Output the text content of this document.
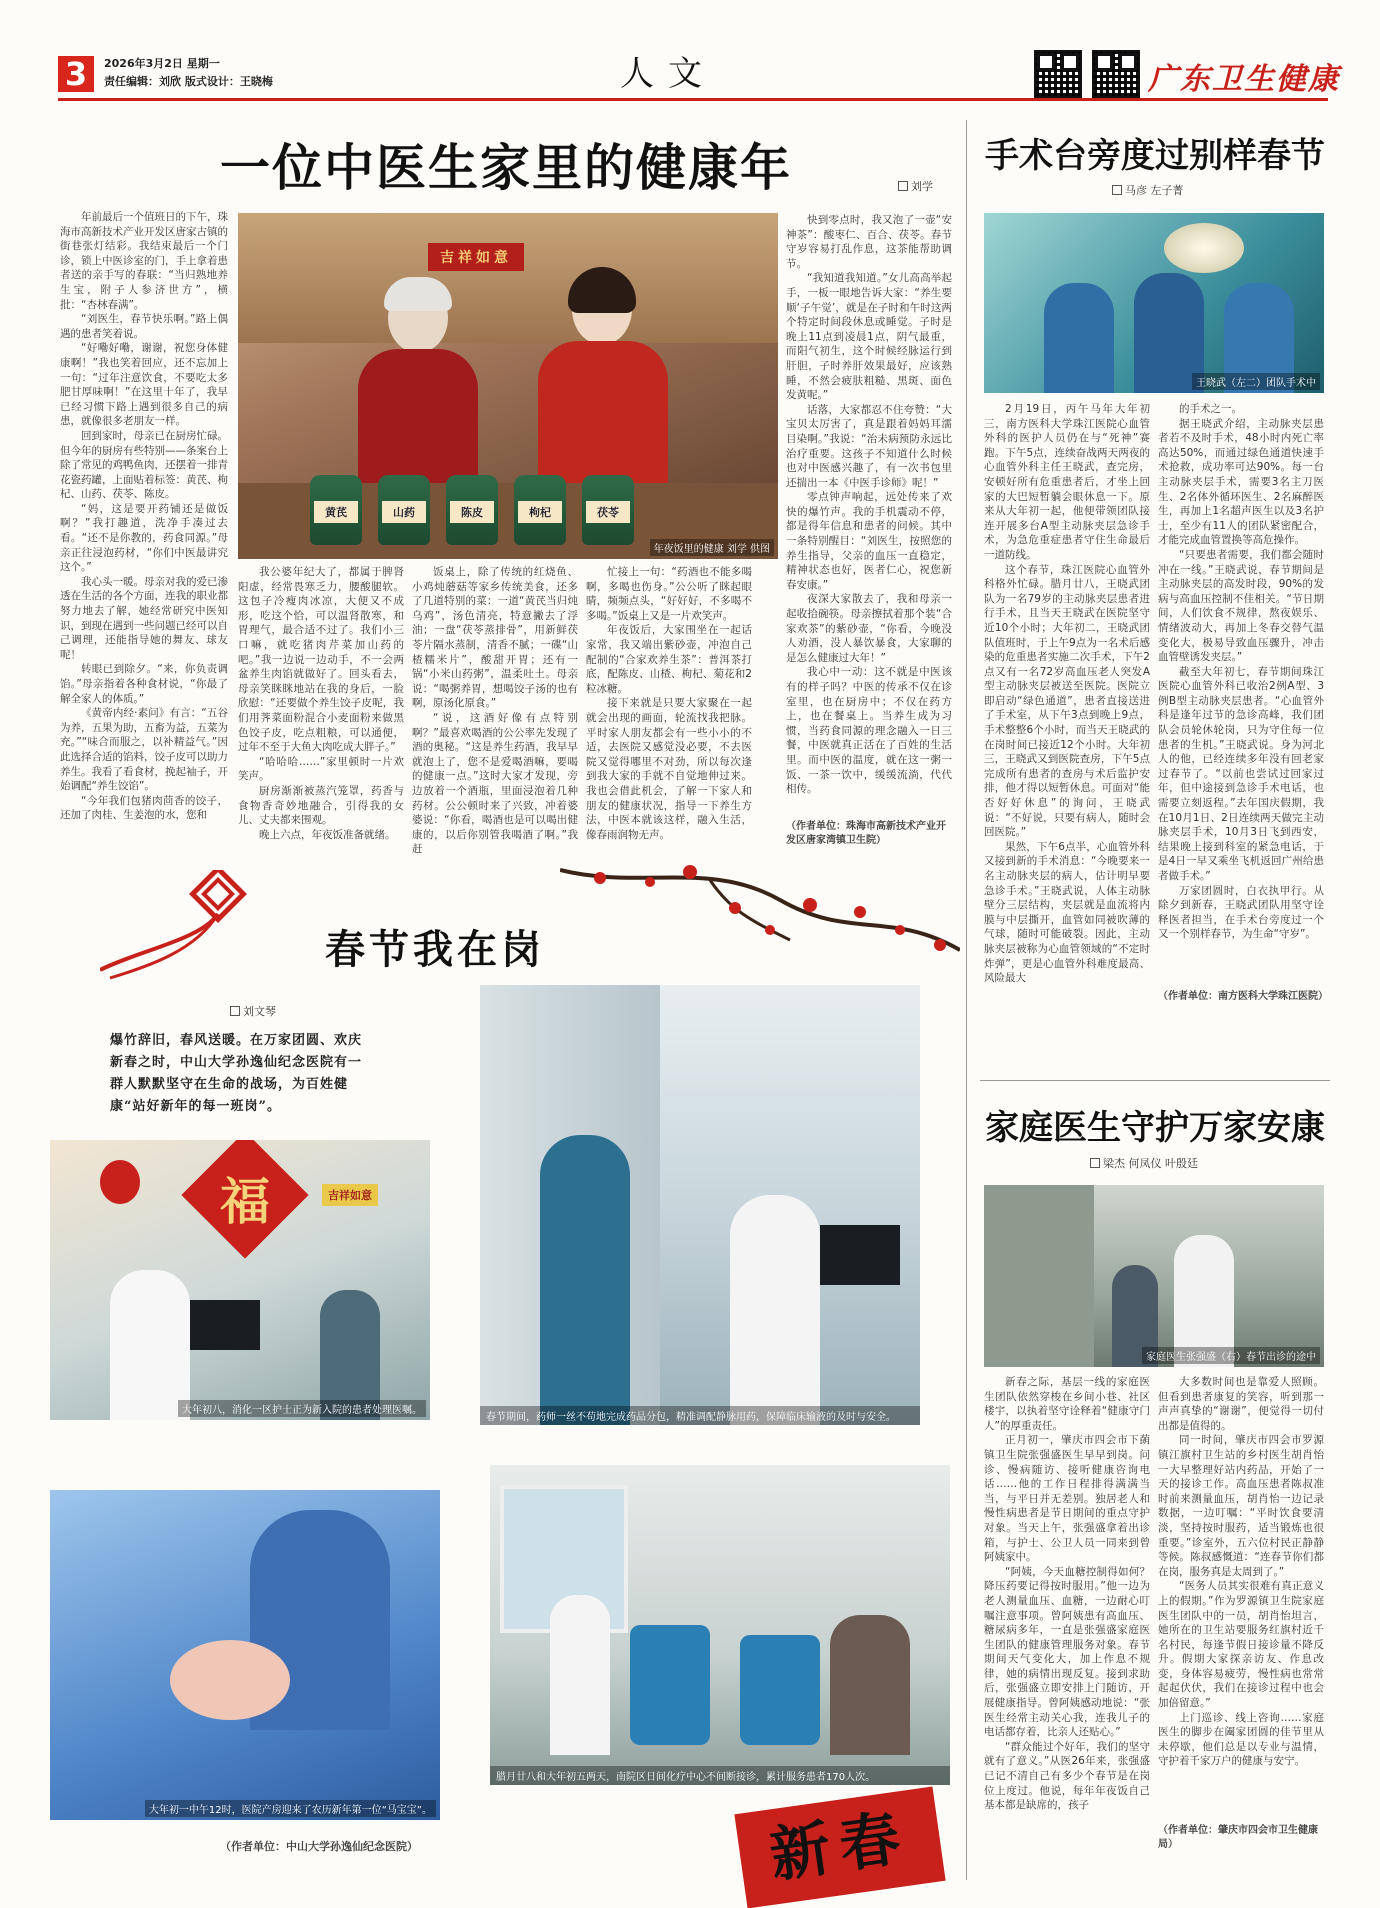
3	2026年3月2日 星期一
责任编辑：刘欣 版式设计：王晓梅	人文	广东卫生健康
一位中医生家里的健康年	刘学

年前最后一个值班日的下午，珠海市高新技术产业开发区唐家古镇的街巷张灯结彩。我结束最后一个门诊，锁上中医诊室的门，手上拿着患者送的亲手写的春联：“当归熟地养生宝，附子人参济世方”，横批：“杏林春满”。

“刘医生，春节快乐啊。”路上偶遇的患者笑着说。

“好嘞好嘞，谢谢，祝您身体健康啊！”我也笑着回应，还不忘加上一句：“过年注意饮食，不要吃太多肥甘厚味啊！”在这里十年了，我早已经习惯下路上遇到很多自己的病患，就像很多老朋友一样。

回到家时，母亲已在厨房忙碌。但今年的厨房有些特别——条案台上除了常见的鸡鸭鱼肉，还摆着一排青花瓷药罐，上面贴着标签：黄芪、枸杞、山药、茯苓、陈皮。

“妈，这是要开药铺还是做饭啊？”我打趣道，洗净手凑过去看。“还不是你教的，药食同源。”母亲正往浸泡药材，“你们中医最讲究这个。”

我心头一暖。母亲对我的爱已渗透在生活的各个方面，连我的职业都努力地去了解，她经常研究中医知识，到现在遇到一些问题已经可以自己调理，还能指导她的舞友、球友呢！

转眼已到除夕。“来，你负责调馅。”母亲指着各种食材说，“你最了解全家人的体质。”

《黄帝内经·素问》有言：“五谷为养，五果为助，五畜为益，五菜为充。”“味合而服之，以补精益气。”因此选择合适的馅料，饺子皮可以助力养生。我看了看食材，挽起袖子，开始调配“养生饺馅”。

“今年我们包猪肉茴香的饺子，还加了肉桂、生姜泡的水，您和

吉祥如意
黄芪	山药	陈皮	枸杞	茯苓
年夜饭里的健康 刘学 供图

我公婆年纪大了，都属于脾肾阳虚，经常畏寒乏力，腰酸腿软。这包子冷瘦肉冰凉，大便又不成形，吃这个恰，可以温肾散寒，和胃理气，最合适不过了。我们小三口嘛，就吃猪肉芹菜加山药的吧。”我一边说一边动手，不一会两盆养生肉馅就做好了。回头看去，母亲笑眯眯地站在我的身后，一脸欣慰：“还要做个养生饺子皮呢，我们用荠菜面粉混合小麦面粉来做黑色饺子皮，吃点粗粮，可以通便，过年不至于大鱼大肉吃成大胖子。”

“哈哈哈……”家里顿时一片欢笑声。

厨房渐渐被蒸汽笼罩，药香与食物香奇妙地融合，引得我的女儿、丈夫都来围观。

晚上六点，年夜饭准备就绪。

饭桌上，除了传统的红烧鱼、小鸡炖蘑菇等家乡传统美食，还多了几道特别的菜：一道“黄芪当归炖乌鸡”，汤色清亮，特意撇去了浮油；一盘“茯苓蒸排骨”，用新鲜茯苓片隔水蒸制，清香不腻；一碟“山楂糯米片”，酸甜开胃；还有一锅“小米山药粥”，温柔吐土。母亲说：“喝粥养胃，想喝饺子汤的也有啊，原汤化原食。”

“说，这酒好像有点特别啊？”最喜欢喝酒的公公率先发现了酒的奥秘。“这是养生药酒，我早早就泡上了，您不是爱喝酒嘛，要喝的健康一点。”这时大家才发现，旁边放着一个酒瓶，里面浸泡着几种药材。公公顿时来了兴致，冲着婆婆说：“你看，喝酒也是可以喝出健康的，以后你别管我喝酒了啊。”我赶

忙接上一句：“药酒也不能多喝啊，多喝也伤身。”公公听了眯起眼睛，频频点头，“好好好，不多喝不多喝。”饭桌上又是一片欢笑声。

年夜饭后，大家围坐在一起话家常，我又端出紫砂壶，冲泡自己配制的“合家欢养生茶”：普洱茶打底，配陈皮、山楂、枸杞、菊花和2粒冰糖。

接下来就是只要大家聚在一起就会出现的画面，轮流找我把脉。平时家人朋友都会有一些小小的不适，去医院又感觉没必要，不去医院又觉得哪里不对劲，所以每次逢到我大家的手就不自觉地伸过来。我也会借此机会，了解一下家人和朋友的健康状况，指导一下养生方法，中医本就该这样，融入生活，像春雨润物无声。

快到零点时，我又泡了一壶“安神茶”：酸枣仁、百合、茯苓。春节守岁容易打乱作息，这茶能帮助调节。

“我知道我知道。”女儿高高举起手，一板一眼地告诉大家：“养生要顺‘子午觉’，就是在子时和午时这两个特定时间段休息或睡觉。子时是晚上11点到凌晨1点，阴气最重，而阳气初生，这个时候经脉运行到肝胆，子时养肝效果最好，应该熟睡，不然会疲肤粗糙、黑斑、面色发黄呢。”

话落，大家都忍不住夸赞：“大宝贝太厉害了，真是跟着妈妈耳濡目染啊。”我说：“治未病预防永远比治疗重要。这孩子不知道什么时候也对中医感兴趣了，有一次书包里还揣出一本《中医手诊师》呢！”

零点钟声响起，远处传来了欢快的爆竹声。我的手机震动不停，都是得年信息和患者的问候。其中一条特别醒目：“刘医生，按照您的养生指导，父亲的血压一直稳定，精神状态也好，医者仁心，祝您新春安康。”

夜深大家散去了，我和母亲一起收拾碗筷。母亲擦拭着那个装“合家欢茶”的紫砂壶，“你看，今晚没人劝酒，没人暴饮暴食，大家聊的是怎么健康过大年！”

我心中一动：这不就是中医该有的样子吗？中医的传承不仅在诊室里，也在厨房中；不仅在药方上，也在餐桌上。当养生成为习惯，当药食同源的理念融入一日三餐，中医就真正活在了百姓的生活里。而中医的温度，就在这一粥一饭、一茶一饮中，缓缓流淌，代代相传。

（作者单位：珠海市高新技术产业开发区唐家湾镇卫生院）
手术台旁度过别样春节
马彦 左子菁
王晓武（左二）团队手术中

2月19日，丙午马年大年初三，南方医科大学珠江医院心血管外科的医护人员仍在与“死神”赛跑。下午5点，连续奋战两天两夜的心血管外科主任王晓武，查完房，安顿好所有危重患者后，才坐上回家的大巴短暂躺会眼休息一下。原来从大年初一起，他便带领团队接连开展多台A型主动脉夹层急诊手术，为急危重症患者守住生命最后一道防线。

这个春节，珠江医院心血管外科格外忙碌。腊月廿八，王晓武团队为一名79岁的主动脉夹层患者进行手术，且当天王晓武在医院坚守近10个小时；大年初二，王晓武团队值班时，于上午9点为一名术后感染的危重患者实施二次手术，下午2点又有一名72岁高血压老人突发A型主动脉夹层被送至医院。医院立即启动“绿色通道”，患者直接送进了手术室，从下午3点到晚上9点，手术整整6个小时，而当天王晓武的在岗时间已接近12个小时。大年初三，王晓武又到医院查房，下午5点完成所有患者的查房与术后监护安排，他才得以短暂休息。可面对“能否好好休息”的询问，王晓武说：“不好说，只要有病人，随时会回医院。”

果然，下午6点半，心血管外科又接到新的手术消息：“今晚要来一名主动脉夹层的病人，估计明早要急诊手术。”王晓武说，人体主动脉壁分三层结构，夹层就是血流将内膜与中层撕开，血管如同被吹薄的气球，随时可能破裂。因此，主动脉夹层被称为心血管领域的“不定时炸弹”，更是心血管外科难度最高、风险最大

的手术之一。

据王晓武介绍，主动脉夹层患者若不及时手术，48小时内死亡率高达50%，而通过绿色通道快速手术抢救，成功率可达90%。每一台主动脉夹层手术，需要3名主刀医生、2名体外循环医生、2名麻醉医生，再加上1名超声医生以及3名护士，至少有11人的团队紧密配合，才能完成血管置换等高危操作。

“只要患者需要，我们都会随时冲在一线。”王晓武说，春节期间是主动脉夹层的高发时段，90%的发病与高血压控制不佳相关。“节日期间，人们饮食不规律，熬夜娱乐、情绪波动大，再加上冬春交替气温变化大，极易导致血压骤升，冲击血管壁诱发夹层。”

截至大年初七，春节期间珠江医院心血管外科已收治2例A型、3例B型主动脉夹层患者。“心血管外科是逢年过节的急诊高峰，我们团队会员轮休轮岗，只为守住每一位患者的生机。”王晓武说。身为河北人的他，已经连续多年没有回老家过春节了。“以前也尝试过回家过年，但中途接到急诊手术电话，也需要立刻返程。”去年国庆假期，我在10月1日、2日连续两天做完主动脉夹层手术，10月3日飞到西安，结果晚上接到科室的紧急电话，于是4日一早又乘坐飞机返回广州给患者做手术。”

万家团圆时，白衣执甲行。从除夕到新春，王晓武团队用坚守诠释医者担当，在手术台旁度过一个又一个别样春节，为生命“守岁”。

（作者单位：南方医科大学珠江医院）
家庭医生守护万家安康
梁杰 何凤仪 叶殷廷
家庭医生张强盛（右）春节出诊的途中

新春之际，基层一线的家庭医生团队依然穿梭在乡间小巷、社区楼宇，以执着坚守诠释着“健康守门人”的厚重责任。

正月初一，肇庆市四会市下蓢镇卫生院张强盛医生早早到岗。问诊、慢病随访、接听健康咨询电话……他的工作日程排得满满当当，与平日并无差别。独居老人和慢性病患者是节日期间的重点守护对象。当天上午，张强盛拿着出诊箱，与护士、公卫人员一同来到曾阿姨家中。

“阿姨，今天血糖控制得如何？降压药要记得按时服用。”他一边为老人测量血压、血糖，一边耐心叮嘱注意事项。曾阿姨患有高血压、糖尿病多年，一直是张强盛家庭医生团队的健康管理服务对象。春节期间天气变化大，加上作息不规律，她的病情出现反复。接到求助后，张强盛立即安排上门随访，开展健康指导。曾阿姨感动地说：“张医生经常主动关心我，连我儿子的电话都存着，比亲人还贴心。”

“群众能过个好年，我们的坚守就有了意义。”从医26年来，张强盛已记不清自己有多少个春节是在岗位上度过。他说，每年年夜饭自己基本都是缺席的，孩子

大多数时间也是靠爱人照顾。但看到患者康复的笑容，听到那一声声真挚的“谢谢”，便觉得一切付出都是值得的。

同一时间，肇庆市四会市罗源镇江旗村卫生站的乡村医生胡肖怡一大早整理好站内药品，开始了一天的接诊工作。高血压患者陈叔准时前来测量血压，胡肖怡一边记录数据，一边叮嘱：“平时饮食要清淡，坚持按时服药，适当锻炼也很重要。”诊室外，五六位村民正静静等候。陈叔感慨道：“连春节你们都在岗，服务真是太周到了。”

“医务人员其实很难有真正意义上的假期。”作为罗源镇卫生院家庭医生团队中的一员，胡肖怡坦言，她所在的卫生站要服务红旗村近千名村民，每逢节假日接诊量不降反升。假期大家探亲访友、作息改变，身体容易疲劳，慢性病也常常起起伏伏，我们在接诊过程中也会加倍留意。”

上门巡诊、线上咨询……家庭医生的脚步在阖家团圆的佳节里从未停歇，他们总是以专业与温情，守护着千家万户的健康与安宁。

（作者单位：肇庆市四会市卫生健康局）
春节我在岗
刘文琴
爆竹辞旧，春风送暖。在万家团圆、欢庆新春之时，中山大学孙逸仙纪念医院有一群人默默坚守在生命的战场，为百姓健康“站好新年的每一班岗”。
福	吉祥如意
大年初八，消化一区护士正为新入院的患者处理医嘱。
春节期间，药师一丝不苟地完成药品分包，精准调配静脉用药，保障临床输液的及时与安全。
大年初一中午12时，医院产房迎来了农历新年第一位“马宝宝”。
腊月廿八和大年初五两天，南院区日间化疗中心不间断接诊，累计服务患者170人次。
（作者单位：中山大学孙逸仙纪念医院）	新春
